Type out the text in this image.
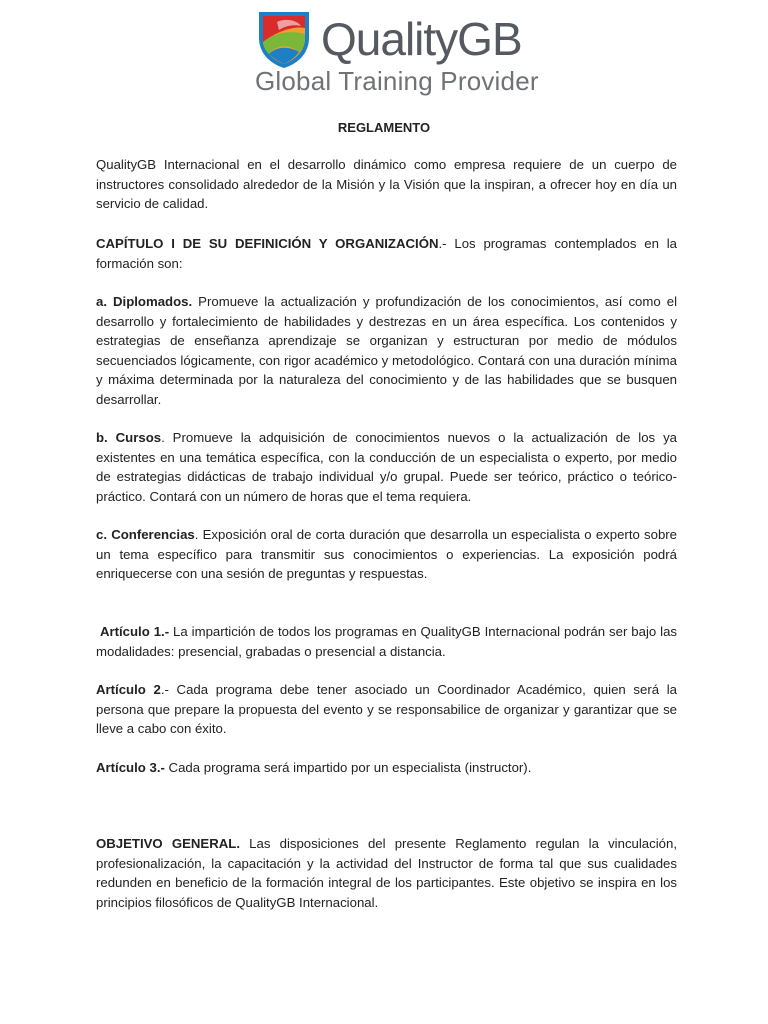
QualityGB
Global Training Provider
REGLAMENTO

QualityGB Internacional en el desarrollo dinámico como empresa requiere de un cuerpo de instructores consolidado alrededor de la Misión y la Visión que la inspiran, a ofrecer hoy en día un servicio de calidad.

CAPÍTULO I DE SU DEFINICIÓN Y ORGANIZACIÓN.- Los programas contemplados en la formación son:

a. Diplomados. Promueve la actualización y profundización de los conocimientos, así como el desarrollo y fortalecimiento de habilidades y destrezas en un área específica. Los contenidos y estrategias de enseñanza aprendizaje se organizan y estructuran por medio de módulos secuenciados lógicamente, con rigor académico y metodológico. Contará con una duración mínima y máxima determinada por la naturaleza del conocimiento y de las habilidades que se busquen desarrollar.

b. Cursos. Promueve la adquisición de conocimientos nuevos o la actualización de los ya existentes en una temática específica, con la conducción de un especialista o experto, por medio de estrategias didácticas de trabajo individual y/o grupal. Puede ser teórico, práctico o teórico-práctico. Contará con un número de horas que el tema requiera.

c. Conferencias. Exposición oral de corta duración que desarrolla un especialista o experto sobre un tema específico para transmitir sus conocimientos o experiencias. La exposición podrá enriquecerse con una sesión de preguntas y respuestas.

Artículo 1.- La impartición de todos los programas en QualityGB Internacional podrán ser bajo las modalidades: presencial, grabadas o presencial a distancia.

Artículo 2.- Cada programa debe tener asociado un Coordinador Académico, quien será la persona que prepare la propuesta del evento y se responsabilice de organizar y garantizar que se lleve a cabo con éxito.

Artículo 3.- Cada programa será impartido por un especialista (instructor).

OBJETIVO GENERAL. Las disposiciones del presente Reglamento regulan la vinculación, profesionalización, la capacitación y la actividad del Instructor de forma tal que sus cualidades redunden en beneficio de la formación integral de los participantes. Este objetivo se inspira en los principios filosóficos de QualityGB Internacional.
